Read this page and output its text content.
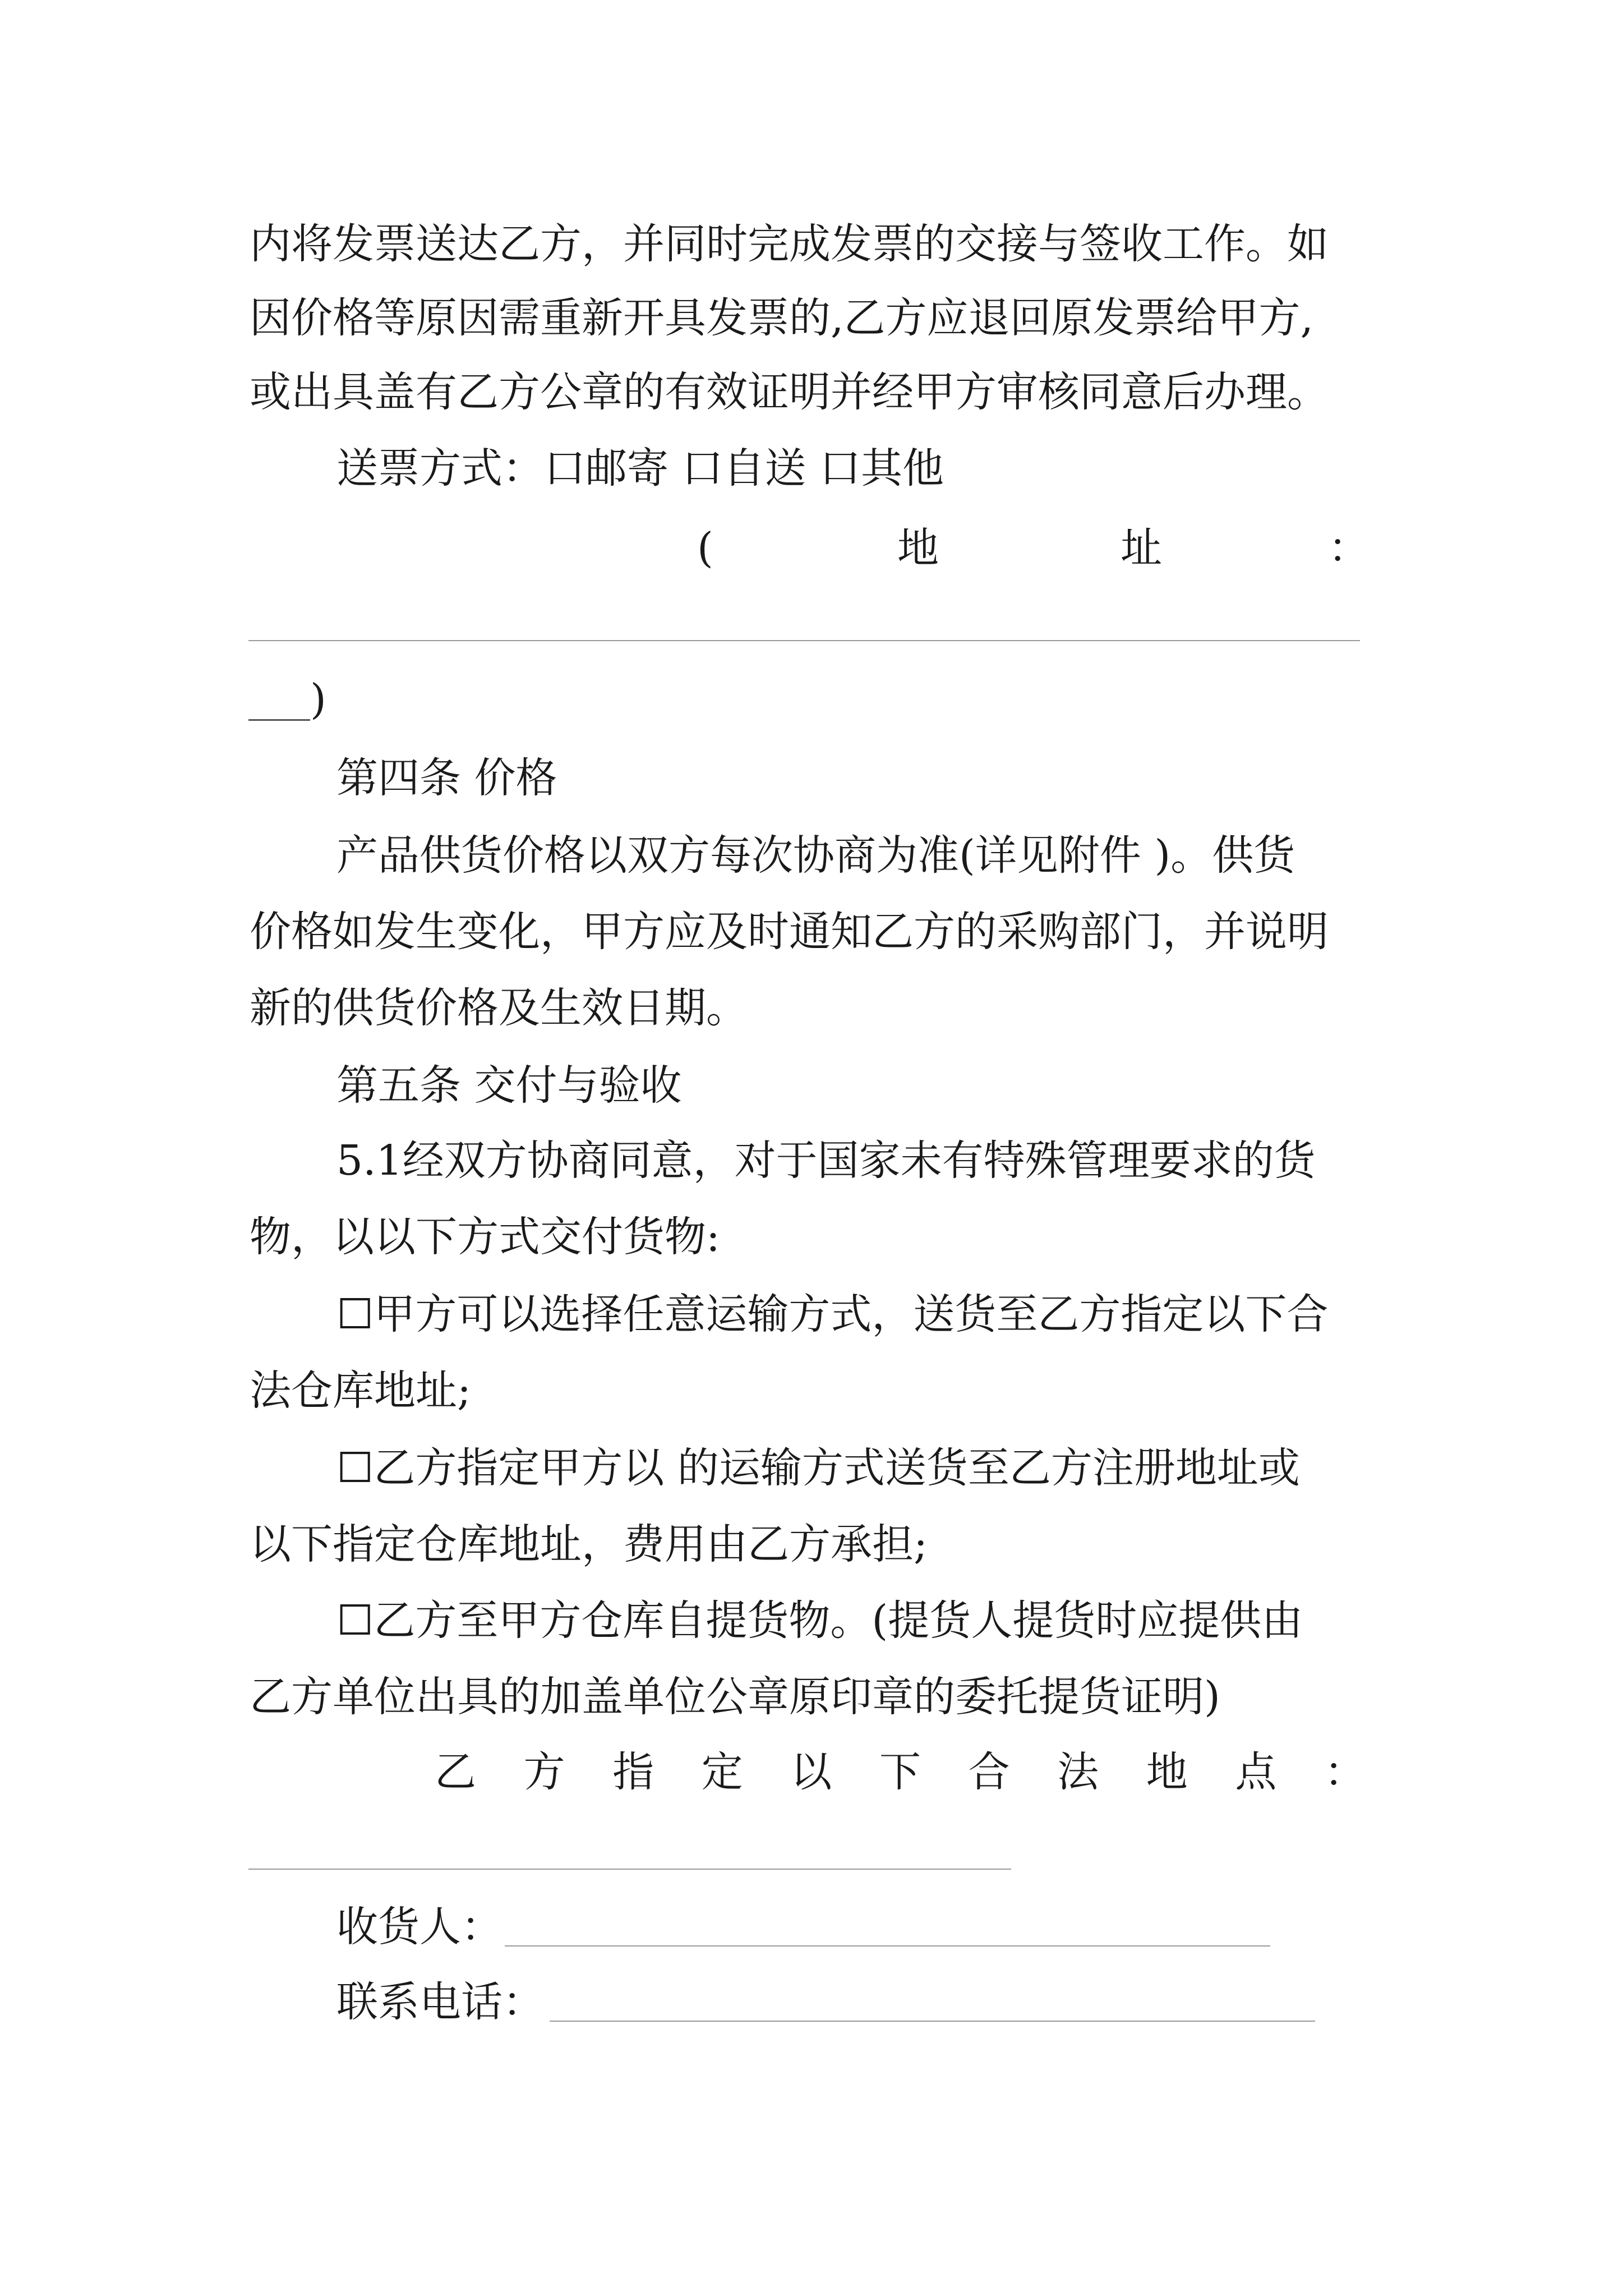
内将发票送达乙方，并同时完成发票的交接与签收工作。如
因价格等原因需重新开具发票的,乙方应退回原发票给甲方,
或出具盖有乙方公章的有效证明并经甲方审核同意后办理。
送票方式：口邮寄 口自送 口其他
(	地	址	：
)
第四条 价格
产品供货价格以双方每次协商为准(详见附件 )。供货
价格如发生变化，甲方应及时通知乙方的采购部门，并说明
新的供货价格及生效日期。
第五条 交付与验收
5.1经双方协商同意，对于国家未有特殊管理要求的货
物，以以下方式交付货物:
☐甲方可以选择任意运输方式，送货至乙方指定以下合
法仓库地址;
☐乙方指定甲方以 的运输方式送货至乙方注册地址或
以下指定仓库地址，费用由乙方承担;
☐乙方至甲方仓库自提货物。(提货人提货时应提供由
乙方单位出具的加盖单位公章原印章的委托提货证明)
乙 方 指 定 以 下 合 法 地 点 ：
收货人：
联系电话：
